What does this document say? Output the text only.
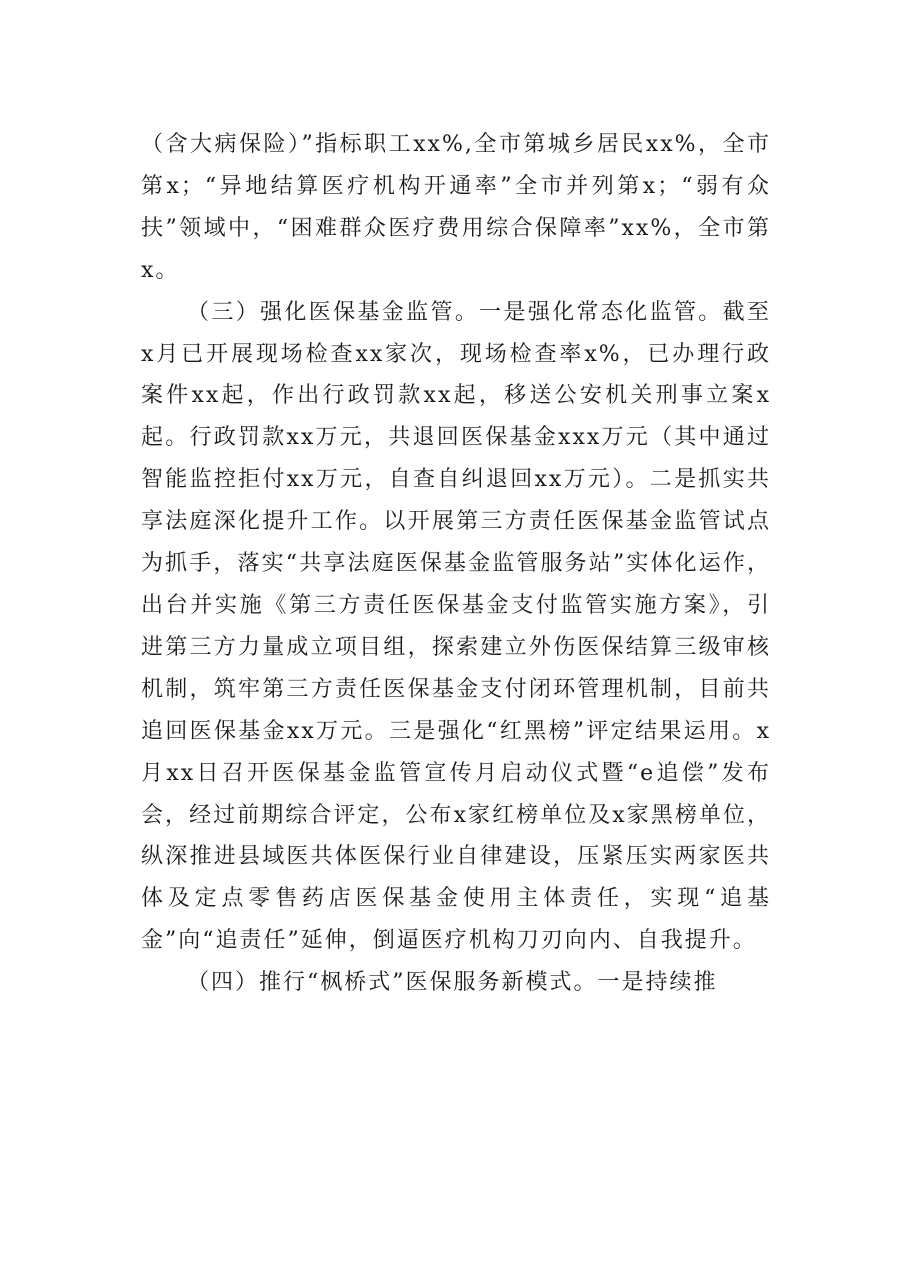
（含大病保险）”指标职工xx%,全市第城乡居民xx%，全市第x；“异地结算医疗机构开通率”全市并列第x；“弱有众扶”领域中，“困难群众医疗费用综合保障率”xx%，全市第x。

（三）强化医保基金监管。一是强化常态化监管。截至x月已开展现场检查xx家次，现场检查率x%，已办理行政案件xx起，作出行政罚款xx起，移送公安机关刑事立案x起。行政罚款xx万元，共退回医保基金xxx万元（其中通过智能监控拒付xx万元，自查自纠退回xx万元）。二是抓实共享法庭深化提升工作。以开展第三方责任医保基金监管试点为抓手，落实“共享法庭医保基金监管服务站”实体化运作，出台并实施《第三方责任医保基金支付监管实施方案》，引进第三方力量成立项目组，探索建立外伤医保结算三级审核机制，筑牢第三方责任医保基金支付闭环管理机制，目前共追回医保基金xx万元。三是强化“红黑榜”评定结果运用。x月xx日召开医保基金监管宣传月启动仪式暨“e追偿”发布会，经过前期综合评定，公布x家红榜单位及x家黑榜单位，纵深推进县域医共体医保行业自律建设，压紧压实两家医共体及定点零售药店医保基金使用主体责任，实现“追基金”向“追责任”延伸，倒逼医疗机构刀刃向内、自我提升。

（四）推行“枫桥式”医保服务新模式。一是持续推
